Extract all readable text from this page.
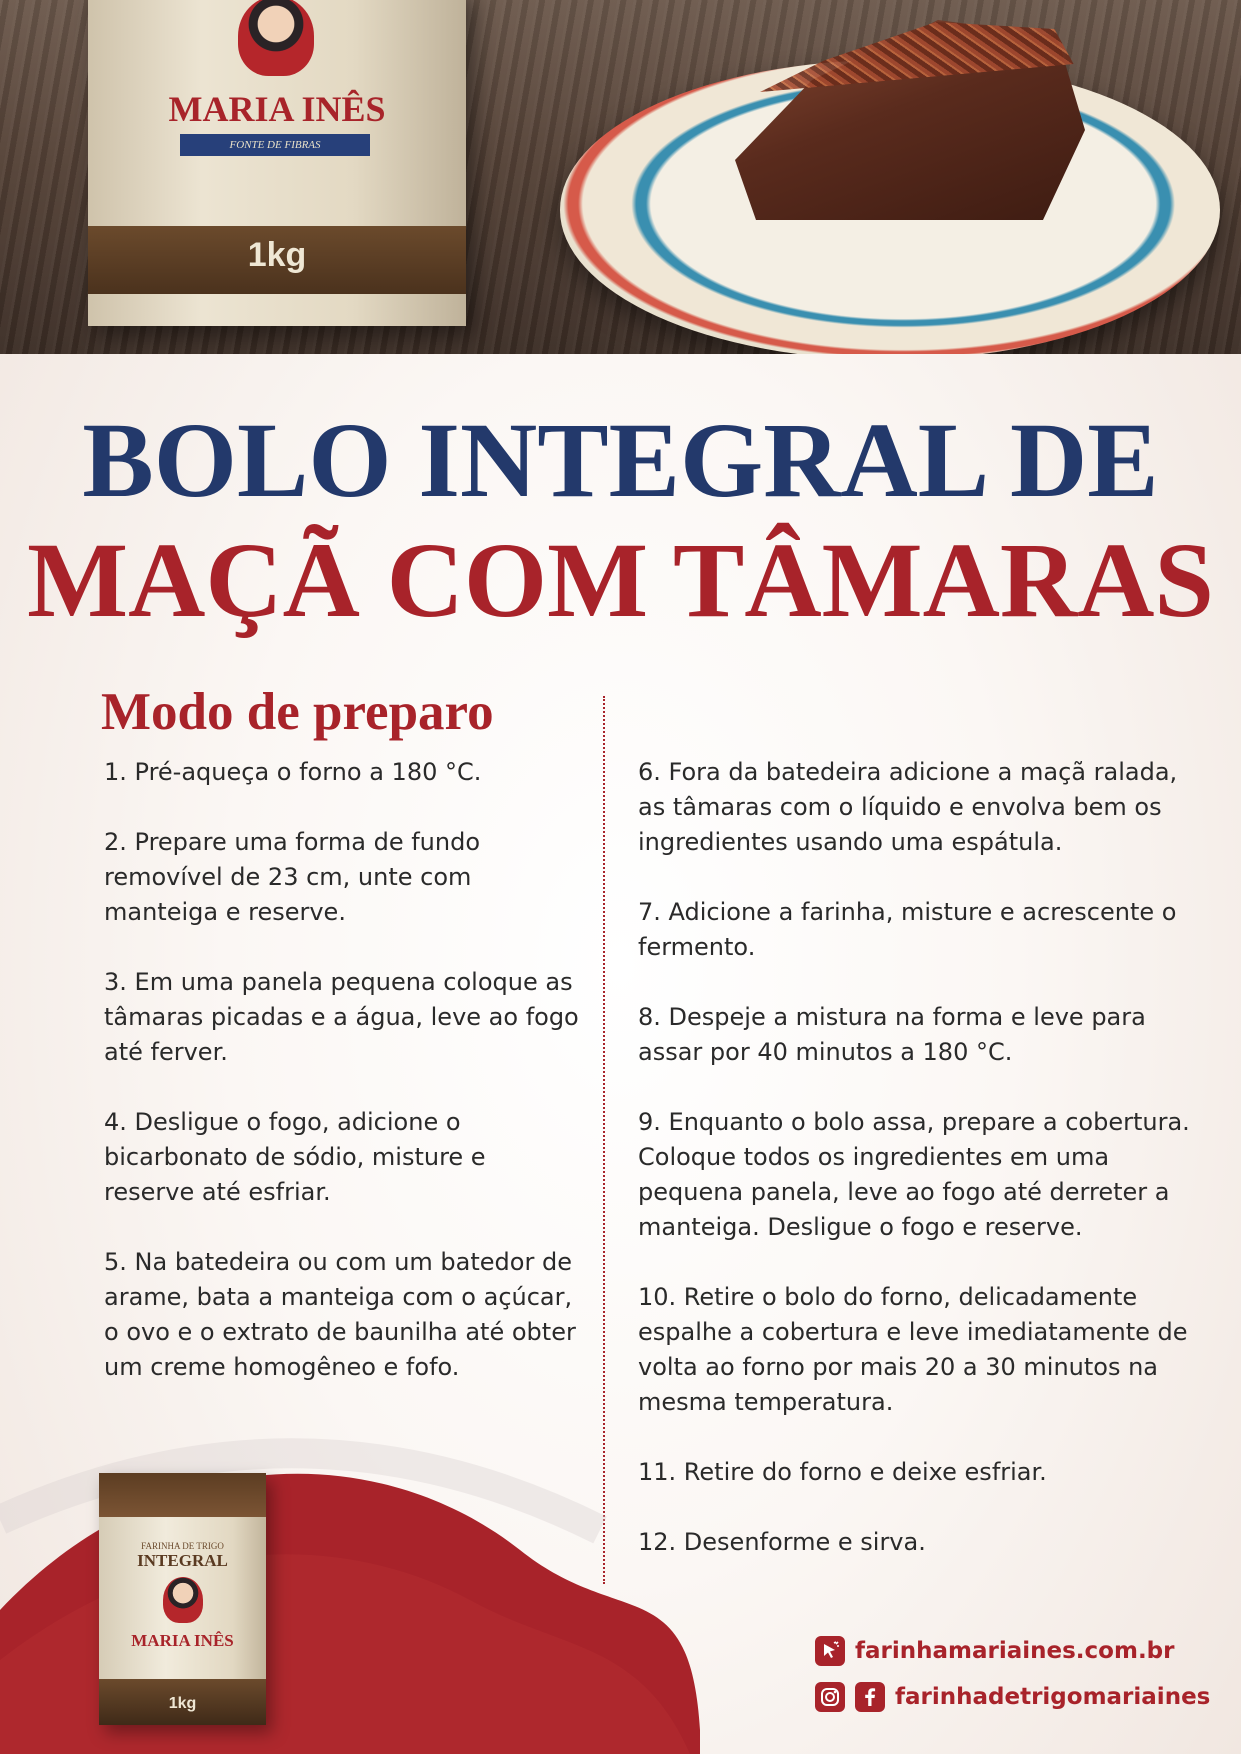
MARIA INÊS
FONTE DE FIBRAS
1kg
BOLO INTEGRAL DE
MAÇÃ COM TÂMARAS
Modo de preparo
1. Pré-aqueça o forno a 180 °C.
2. Prepare uma forma de fundo removível de 23 cm, unte com manteiga e reserve.
3. Em uma panela pequena coloque as tâmaras picadas e a água, leve ao fogo até ferver.
4. Desligue o fogo, adicione o bicarbonato de sódio, misture e reserve até esfriar.
5. Na batedeira ou com um batedor de arame, bata a manteiga com o açúcar, o ovo e o extrato de baunilha até obter um creme homogêneo e fofo.
6. Fora da batedeira adicione a maçã ralada, as tâmaras com o líquido e envolva bem os ingredientes usando uma espátula.
7. Adicione a farinha, misture e acrescente o fermento.
8. Despeje a mistura na forma e leve para assar por 40 minutos a 180 °C.
9. Enquanto o bolo assa, prepare a cobertura. Coloque todos os ingredientes em uma pequena panela, leve ao fogo até derreter a manteiga. Desligue o fogo e reserve.
10. Retire o bolo do forno, delicadamente espalhe a cobertura e leve imediatamente de volta ao forno por mais 20 a 30 minutos na mesma temperatura.
11. Retire do forno e deixe esfriar.
12. Desenforme e sirva.
FARINHA DE TRIGO
INTEGRAL
MARIA INÊS
1kg
farinhamariaines.com.br
farinhadetrigomariaines
